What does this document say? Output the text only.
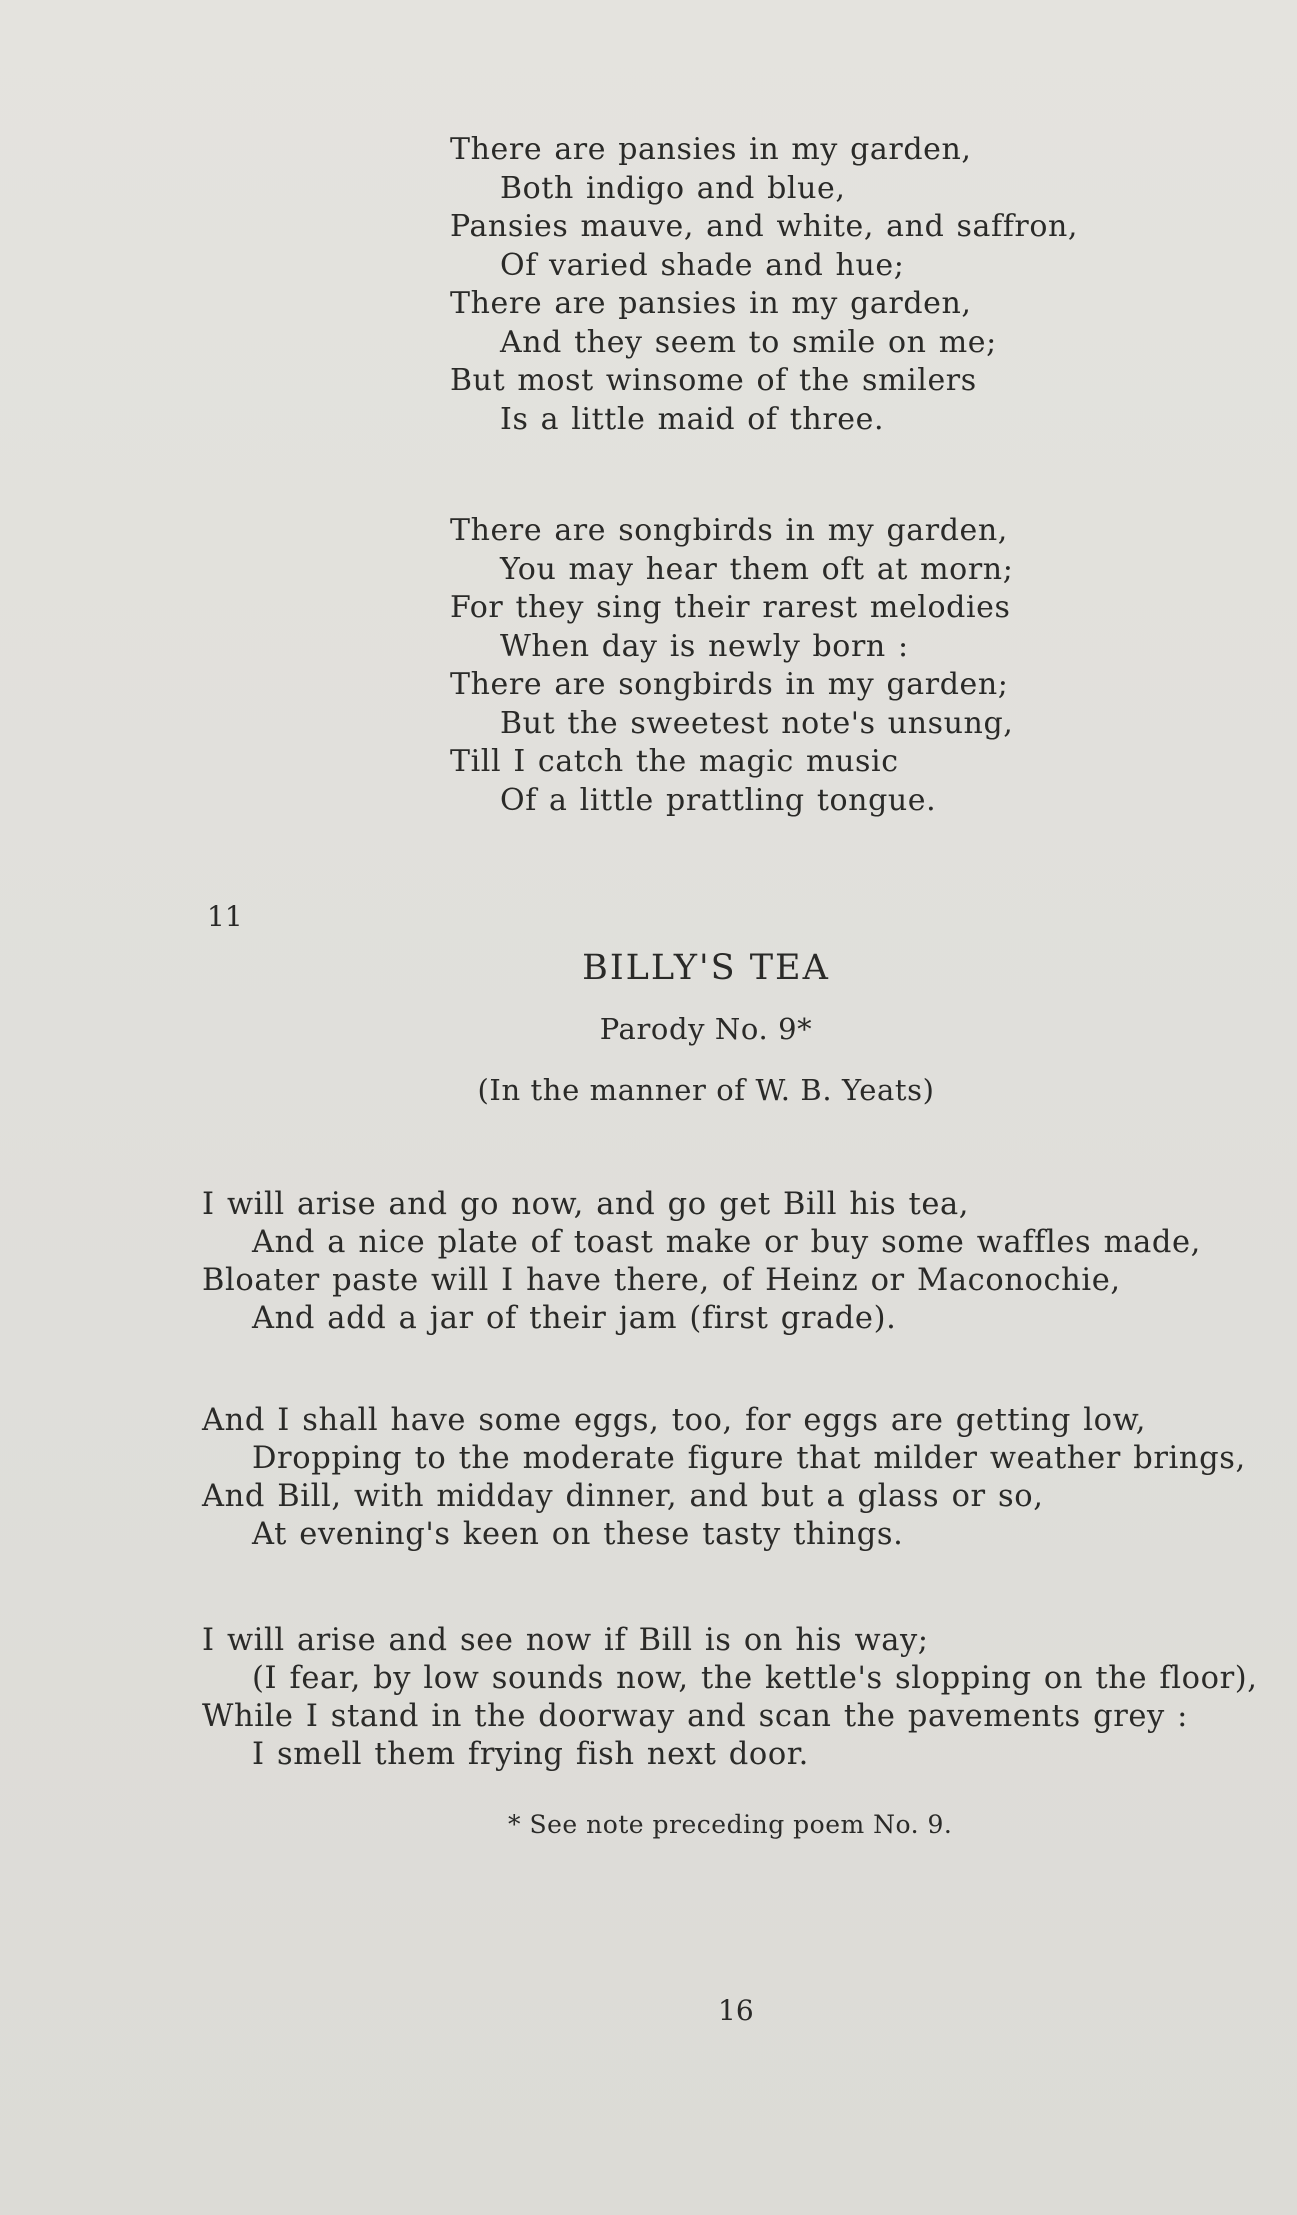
There are pansies in my garden,
Both indigo and blue,
Pansies mauve, and white, and saffron,
Of varied shade and hue;
There are pansies in my garden,
And they seem to smile on me;
But most winsome of the smilers
Is a little maid of three.
There are songbirds in my garden,
You may hear them oft at morn;
For they sing their rarest melodies
When day is newly born :
There are songbirds in my garden;
But the sweetest note's unsung,
Till I catch the magic music
Of a little prattling tongue.
11
BILLY'S TEA
Parody No. 9*
(In the manner of W. B. Yeats)
I will arise and go now, and go get Bill his tea,
And a nice plate of toast make or buy some waffles made,
Bloater paste will I have there, of Heinz or Maconochie,
And add a jar of their jam (first grade).
And I shall have some eggs, too, for eggs are getting low,
Dropping to the moderate figure that milder weather brings,
And Bill, with midday dinner, and but a glass or so,
At evening's keen on these tasty things.
I will arise and see now if Bill is on his way;
(I fear, by low sounds now, the kettle's slopping on the floor),
While I stand in the doorway and scan the pavements grey :
I smell them frying fish next door.
* See note preceding poem No. 9.
16
